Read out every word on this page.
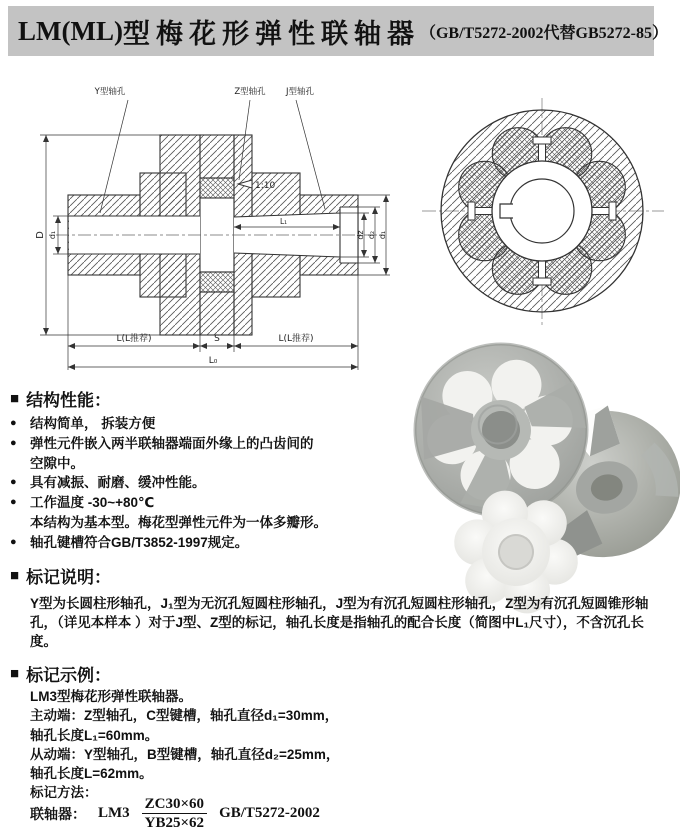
LM(ML) 型梅花形弹性联轴器 （GB/T5272-2002代替GB5272-85）
1:10
Y型轴孔	Z型轴孔 J型轴孔
D d₁	dz d₂ d₁
L₁
L(L推荐)	S	L(L推荐)
L₀
■ 结构性能：
● 结构简单， 拆装方便
● 弹性元件嵌入两半联轴器端面外缘上的凸齿间的
空隙中。
● 具有减振、耐磨、缓冲性能。
● 工作温度 -30~+80℃
本结构为基本型。梅花型弹性元件为一体多瓣形。
● 轴孔键槽符合GB/T3852-1997规定。
■ 标记说明：
Y型为长圆柱形轴孔，J₁型为无沉孔短圆柱形轴孔，J型为有沉孔短圆柱形轴孔，Z型为有沉孔短圆锥形轴孔，（详见本样本 ）对于J型、Z型的标记，轴孔长度是指轴孔的配合长度（简图中L₁尺寸），不含沉孔长度。
■ 标记示例：
LM3型梅花形弹性联轴器。
主动端：Z型轴孔，C型键槽，轴孔直径d₁=30mm，
轴孔长度L₁=60mm。
从动端：Y型轴孔，B型键槽，轴孔直径d₂=25mm，
轴孔长度L=62mm。
标记方法：
联轴器： $LM3 \frac{ZC30\times 60}{YB25\times 62} GB/T5272-2002$
